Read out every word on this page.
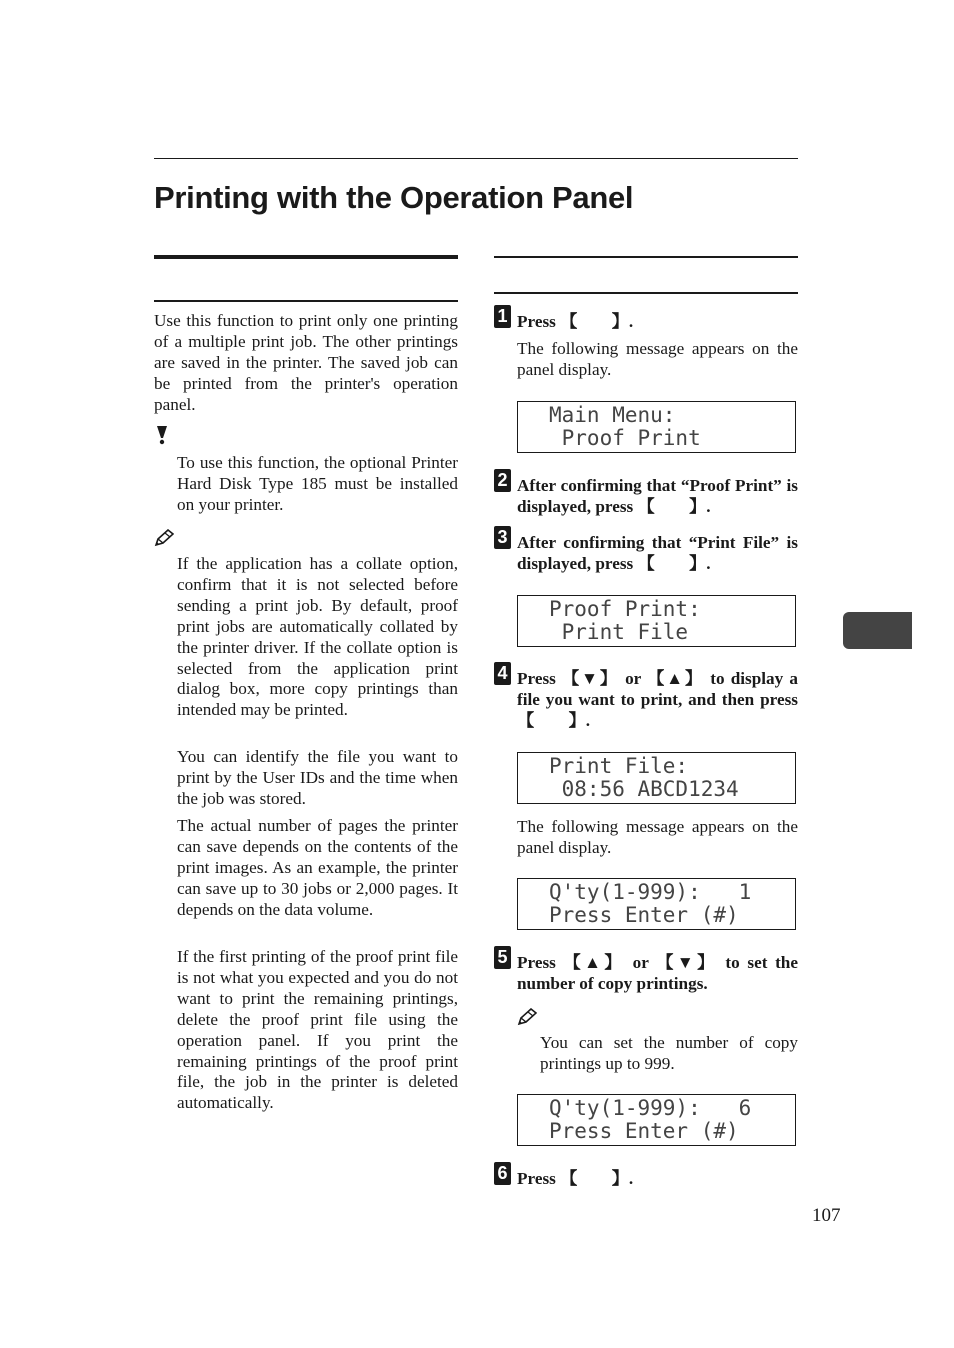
Printing with the Operation Panel
Use this function to print only one printing of a multiple print job. The other printings are saved in the printer. The saved job can be printed from the printer's operation panel.
To use this function, the optional Printer Hard Disk Type 185 must be installed on your printer.
If the application has a collate option, confirm that it is not selected before sending a print job. By default, proof print jobs are automatically collated by the printer driver. If the collate option is selected from the application print dialog box, more copy printings than intended may be printed.
You can identify the file you want to print by the User IDs and the time when the job was stored.
The actual number of pages the printer can save depends on the contents of the print images. As an example, the printer can save up to 30 jobs or 2,000 pages. It depends on the data volume.
If the first printing of the proof print file is not what you expected and you do not want to print the remaining printings, delete the proof print file using the operation panel. If you print the remaining printings of the proof print file, the job in the printer is deleted automatically.
1 Press 【　　】.
The following message appears on the panel display.
Main Menu:
Proof Print
2 After confirming that “Proof Print” is displayed, press 【　　】.
3 After confirming that “Print File” is displayed, press 【　　】.
Proof Print:
Print File
4 Press 【▼】 or 【▲】 to display a file you want to print, and then press 【　　】.
Print File:
08:56 ABCD1234
The following message appears on the panel display.
Q'ty(1-999):   1
Press Enter (#)
5 Press 【▲】 or 【▼】 to set the number of copy printings.
You can set the number of copy printings up to 999.
Q'ty(1-999):   6
Press Enter (#)
6 Press 【　　】.
107
